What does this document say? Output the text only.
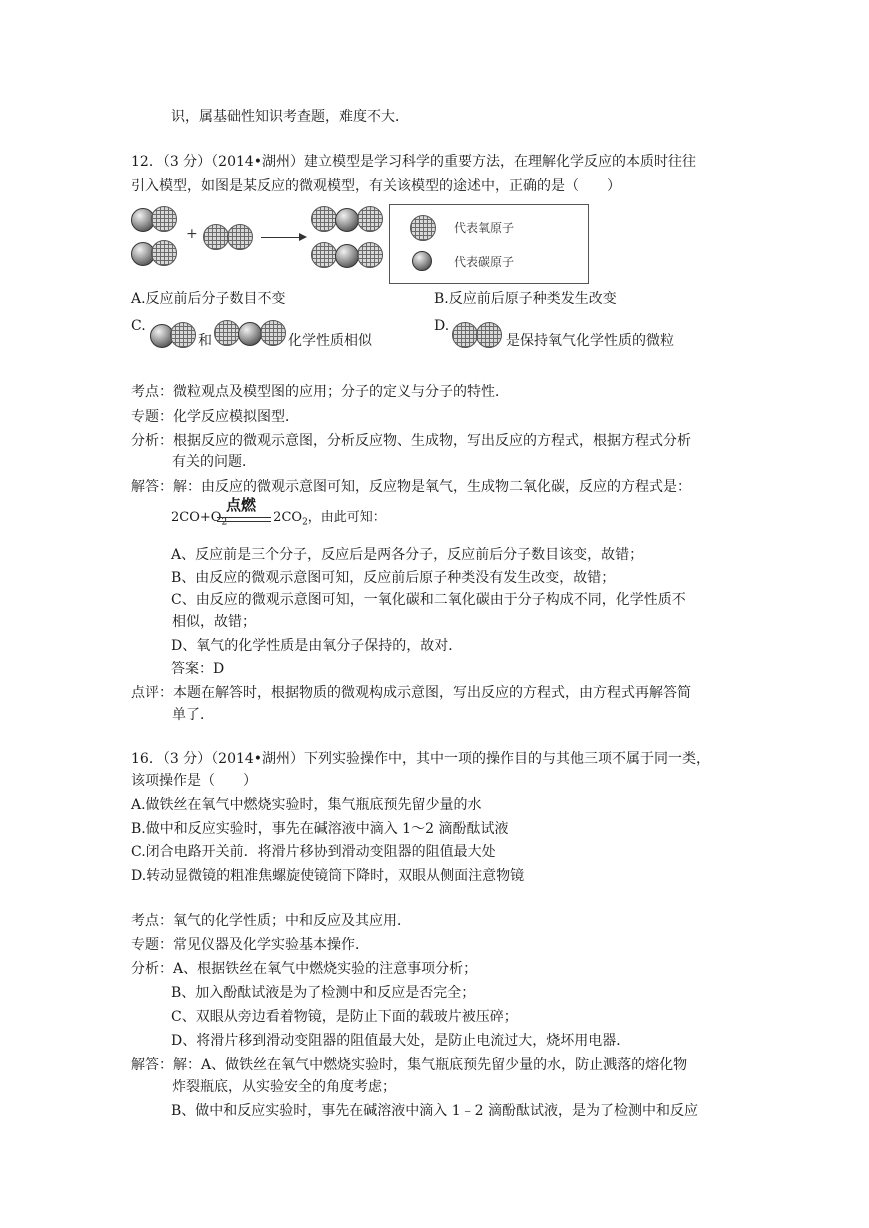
识，属基础性知识考查题，难度不大．
12．（3 分）（2014•湖州）建立模型是学习科学的重要方法，在理解化学反应的本质时往往
引入模型，如图是某反应的微观模型，有关该模型的途述中，正确的是（　　）
+	代表氧原子
代表碳原子
A.反应前后分子数目不变	B.反应前后原子种类发生改变
C.
和	化学性质相似
D.
是保持氧气化学性质的微粒
考点：微粒观点及模型图的应用；分子的定义与分子的特性．
专题：化学反应模拟图型．
分析：根据反应的微观示意图，分析反应物、生成物，写出反应的方程式，根据方程式分析
有关的问题．
解答：解：由反应的微观示意图可知，反应物是氧气，生成物二氧化碳，反应的方程式是：
$2CO+O_2$	$2CO_2$，由此可知：
点燃
A、反应前是三个分子，反应后是两各分子，反应前后分子数目该变，故错；
B、由反应的微观示意图可知，反应前后原子种类没有发生改变，故错；
C、由反应的微观示意图可知，一氧化碳和二氧化碳由于分子构成不同，化学性质不
相似，故错；
D、氧气的化学性质是由氧分子保持的，故对．
答案：D
点评：本题在解答时，根据物质的微观构成示意图，写出反应的方程式，由方程式再解答简
单了．
16．（3 分）（2014•湖州）下列实验操作中，其中一项的操作目的与其他三项不属于同一类，
该项操作是（　　）
A.做铁丝在氧气中燃烧实验时，集气瓶底预先留少量的水
B.做中和反应实验时，事先在碱溶液中滴入 1～2 滴酚酞试液
C.闭合电路开关前．将滑片移协到滑动变阻器的阻值最大处
D.转动显微镜的粗准焦螺旋使镜筒下降时，双眼从侧面注意物镜
考点：氧气的化学性质；中和反应及其应用．
专题：常见仪器及化学实验基本操作．
分析：A、根据铁丝在氧气中燃烧实验的注意事项分析；
B、加入酚酞试液是为了检测中和反应是否完全；
C、双眼从旁边看着物镜，是防止下面的载玻片被压碎；
D、将滑片移到滑动变阻器的阻值最大处，是防止电流过大，烧坏用电器．
解答：解：A、做铁丝在氧气中燃烧实验时，集气瓶底预先留少量的水，防止溅落的熔化物
炸裂瓶底，从实验安全的角度考虑；
B、做中和反应实验时，事先在碱溶液中滴入 1﹣2 滴酚酞试液，是为了检测中和反应
